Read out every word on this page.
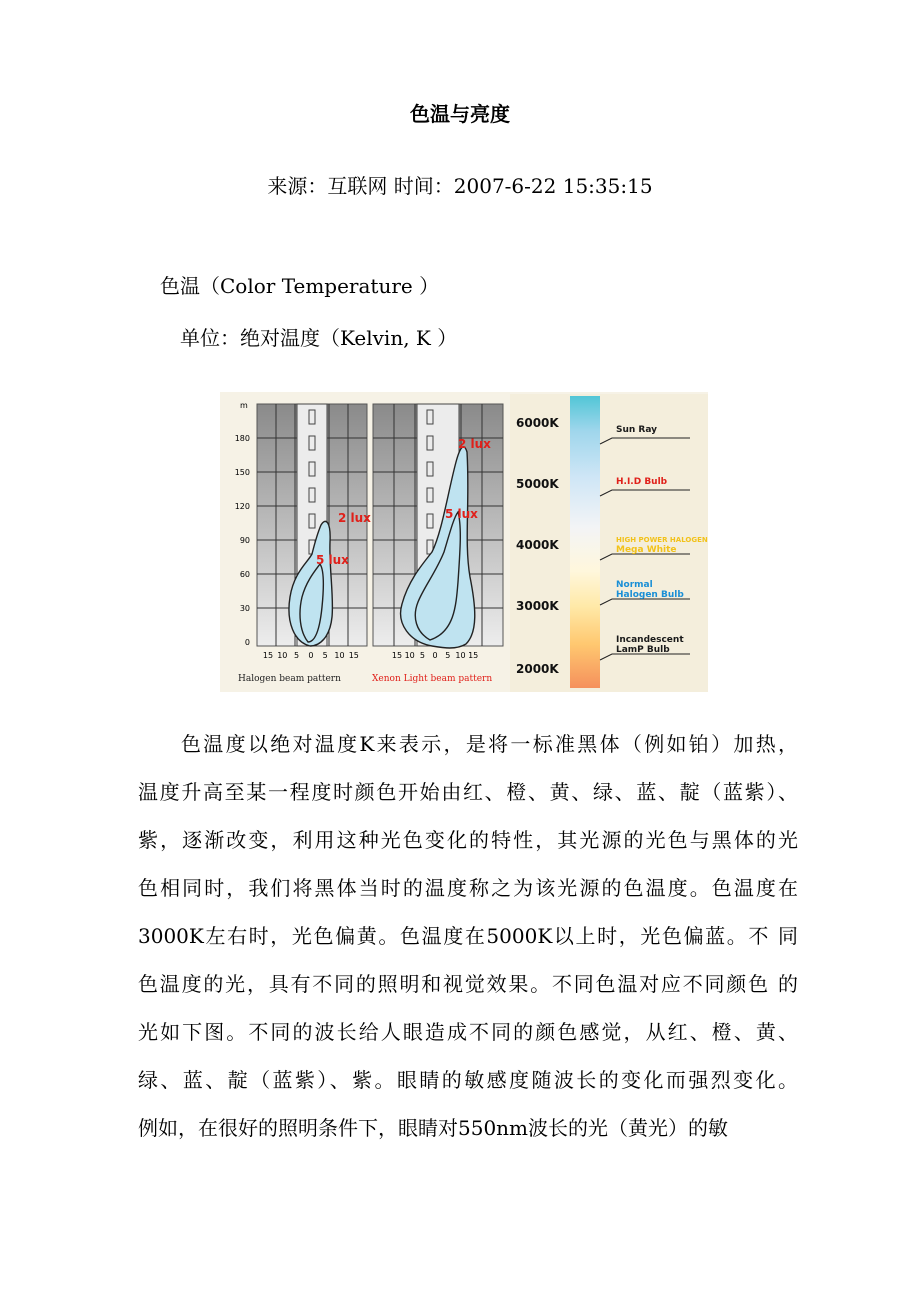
色温与亮度
来源：互联网 时间：2007-6-22 15:35:15
色温（Color Temperature ）
单位：绝对温度（Kelvin, K ）
2 lux
5 lux
m
180
150
120
90
60
30
0
15 10 5 0 5 10 15
Halogen beam pattern
2 lux
5 lux
15 10 5 0 5 10 15
Xenon Light beam pattern
6000K
5000K
4000K
3000K
2000K
Sun Ray
H.I.D Bulb
HIGH POWER HALOGEN
Mega White
Normal
Halogen Bulb
Incandescent
LamP Bulb
色温度以绝对温度K来表示，是将一标准黑体（例如铂）加热，
温度升高至某一程度时颜色开始由红、橙、黄、绿、蓝、靛（蓝紫）、
紫，逐渐改变，利用这种光色变化的特性，其光源的光色与黑体的光
色相同时，我们将黑体当时的温度称之为该光源的色温度。色温度在
3000K左右时，光色偏黄。色温度在5000K以上时，光色偏蓝。不 同
色温度的光，具有不同的照明和视觉效果。不同色温对应不同颜色 的
光如下图。不同的波长给人眼造成不同的颜色感觉，从红、橙、黄、
绿、蓝、靛（蓝紫）、紫。眼睛的敏感度随波长的变化而强烈变化。
例如，在很好的照明条件下，眼睛对550nm波长的光（黄光）的敏
